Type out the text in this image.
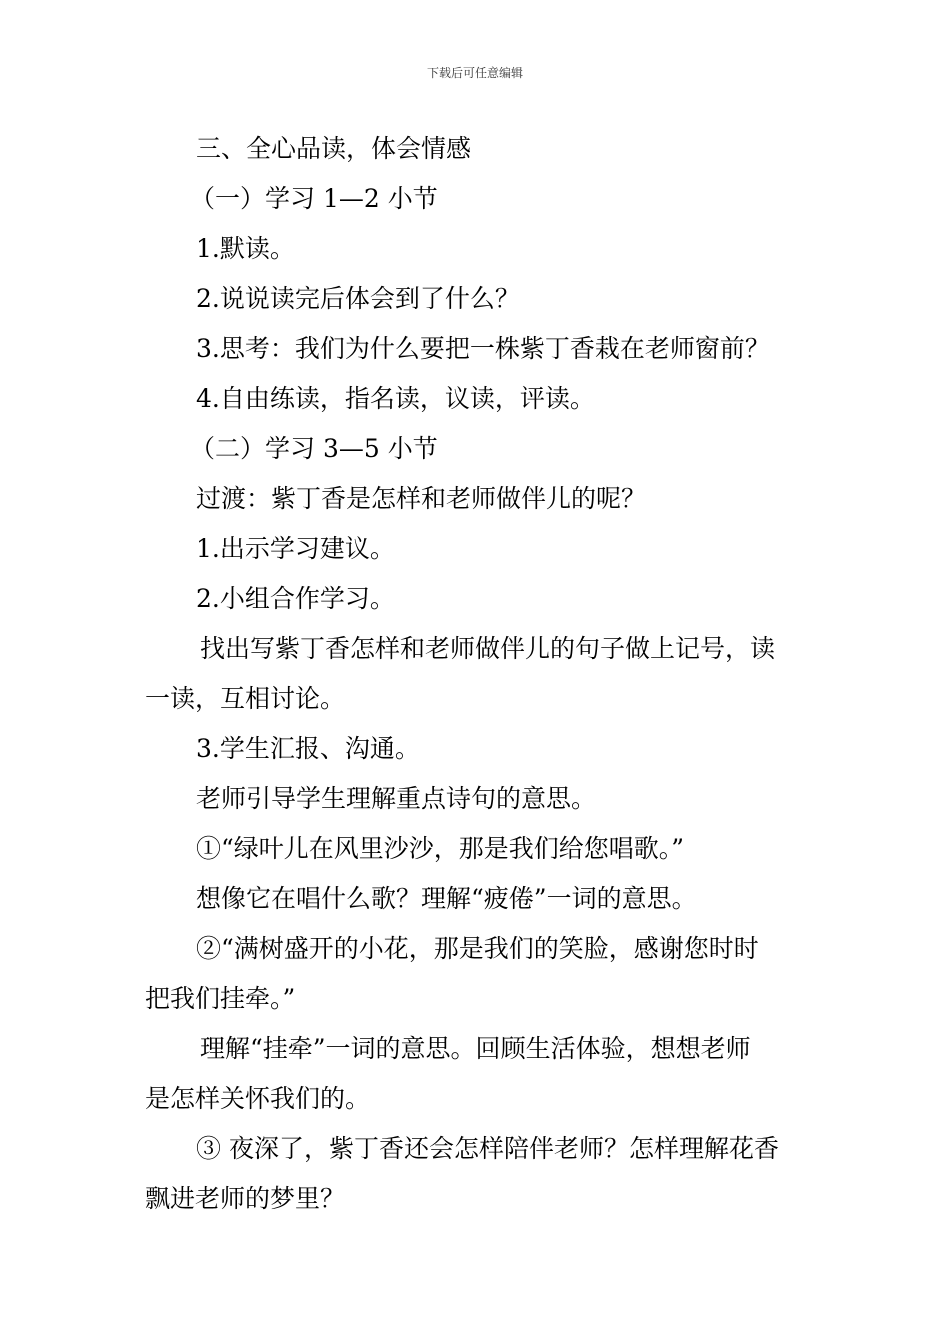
下载后可任意编辑
三、全心品读，体会情感
（一）学习 1—2 小节
1.默读。
2.说说读完后体会到了什么？
3.思考：我们为什么要把一株紫丁香栽在老师窗前？
4.自由练读，指名读，议读，评读。
（二）学习 3—5 小节
过渡：紫丁香是怎样和老师做伴儿的呢？
1.出示学习建议。
2.小组合作学习。
找出写紫丁香怎样和老师做伴儿的句子做上记号，读
一读，互相讨论。
3.学生汇报、沟通。
老师引导学生理解重点诗句的意思。
①“绿叶儿在风里沙沙，那是我们给您唱歌。”
想像它在唱什么歌？理解“疲倦”一词的意思。
②“满树盛开的小花，那是我们的笑脸，感谢您时时
把我们挂牵。”
理解“挂牵”一词的意思。回顾生活体验，想想老师
是怎样关怀我们的。
③ 夜深了，紫丁香还会怎样陪伴老师？怎样理解花香
飘进老师的梦里？
